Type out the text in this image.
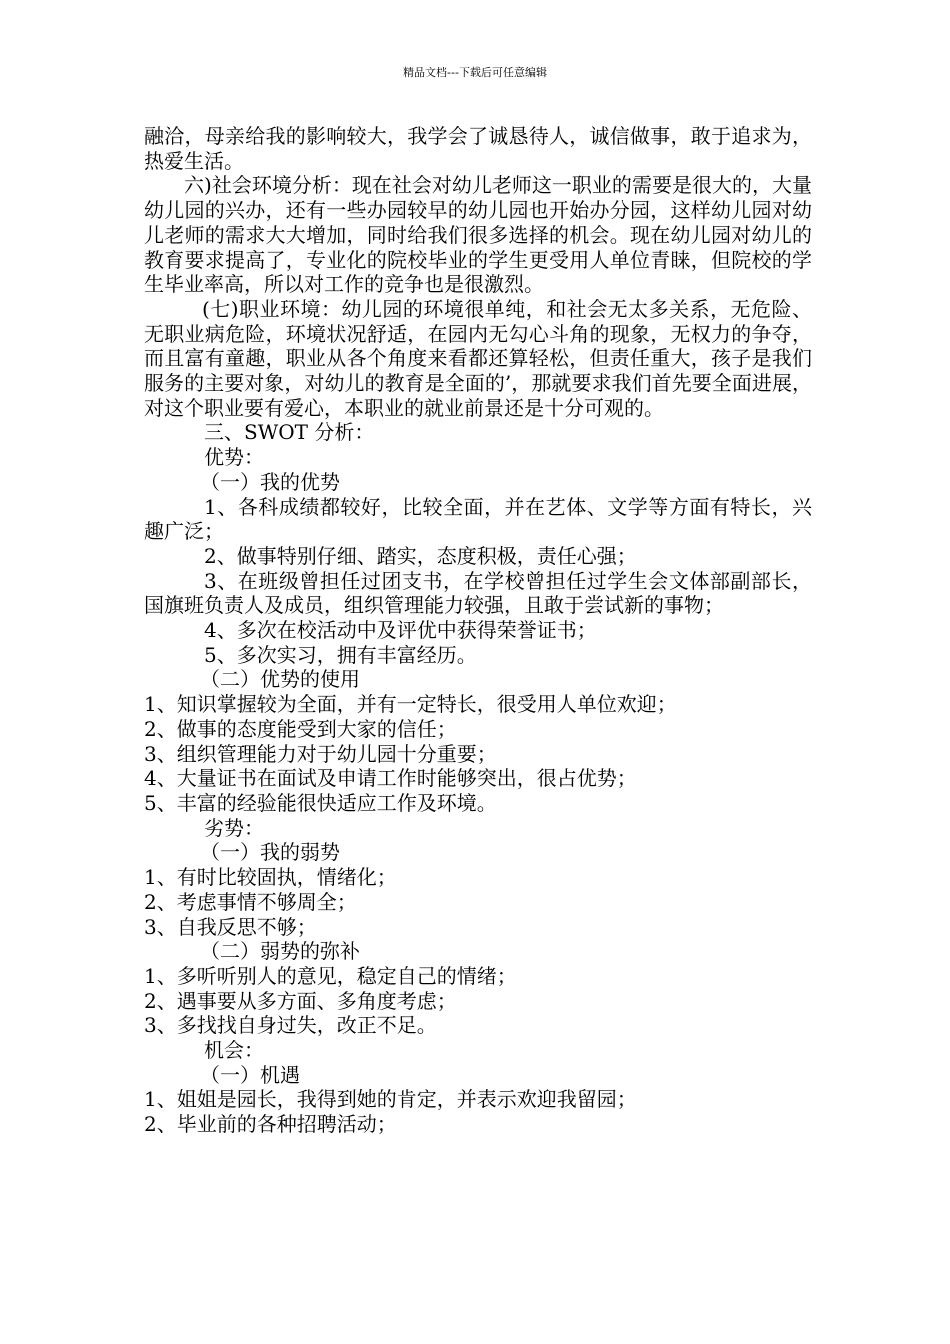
精品文档---下载后可任意编辑

融洽，母亲给我的影响较大，我学会了诚恳待人，诚信做事，敢于追求为，热爱生活。

六)社会环境分析：现在社会对幼儿老师这一职业的需要是很大的，大量幼儿园的兴办，还有一些办园较早的幼儿园也开始办分园，这样幼儿园对幼儿老师的需求大大增加，同时给我们很多选择的机会。现在幼儿园对幼儿的教育要求提高了，专业化的院校毕业的学生更受用人单位青睐，但院校的学生毕业率高，所以对工作的竞争也是很激烈。

(七)职业环境：幼儿园的环境很单纯，和社会无太多关系，无危险、无职业病危险，环境状况舒适，在园内无勾心斗角的现象，无权力的争夺，而且富有童趣，职业从各个角度来看都还算轻松，但责任重大，孩子是我们服务的主要对象，对幼儿的教育是全面的’，那就要求我们首先要全面进展，对这个职业要有爱心，本职业的就业前景还是十分可观的。

三、SWOT 分析：

优势：

（一）我的优势

1、各科成绩都较好，比较全面，并在艺体、文学等方面有特长，兴趣广泛；

2、做事特别仔细、踏实，态度积极，责任心强；

3、在班级曾担任过团支书，在学校曾担任过学生会文体部副部长，国旗班负责人及成员，组织管理能力较强，且敢于尝试新的事物；

4、多次在校活动中及评优中获得荣誉证书；

5、多次实习，拥有丰富经历。

（二）优势的使用

1、知识掌握较为全面，并有一定特长，很受用人单位欢迎；

2、做事的态度能受到大家的信任；

3、组织管理能力对于幼儿园十分重要；

4、大量证书在面试及申请工作时能够突出，很占优势；

5、丰富的经验能很快适应工作及环境。

劣势：

（一）我的弱势

1、有时比较固执，情绪化；

2、考虑事情不够周全；

3、自我反思不够；

（二）弱势的弥补

1、多听听别人的意见，稳定自己的情绪；

2、遇事要从多方面、多角度考虑；

3、多找找自身过失，改正不足。

机会：

（一）机遇

1、姐姐是园长，我得到她的肯定，并表示欢迎我留园；

2、毕业前的各种招聘活动；
